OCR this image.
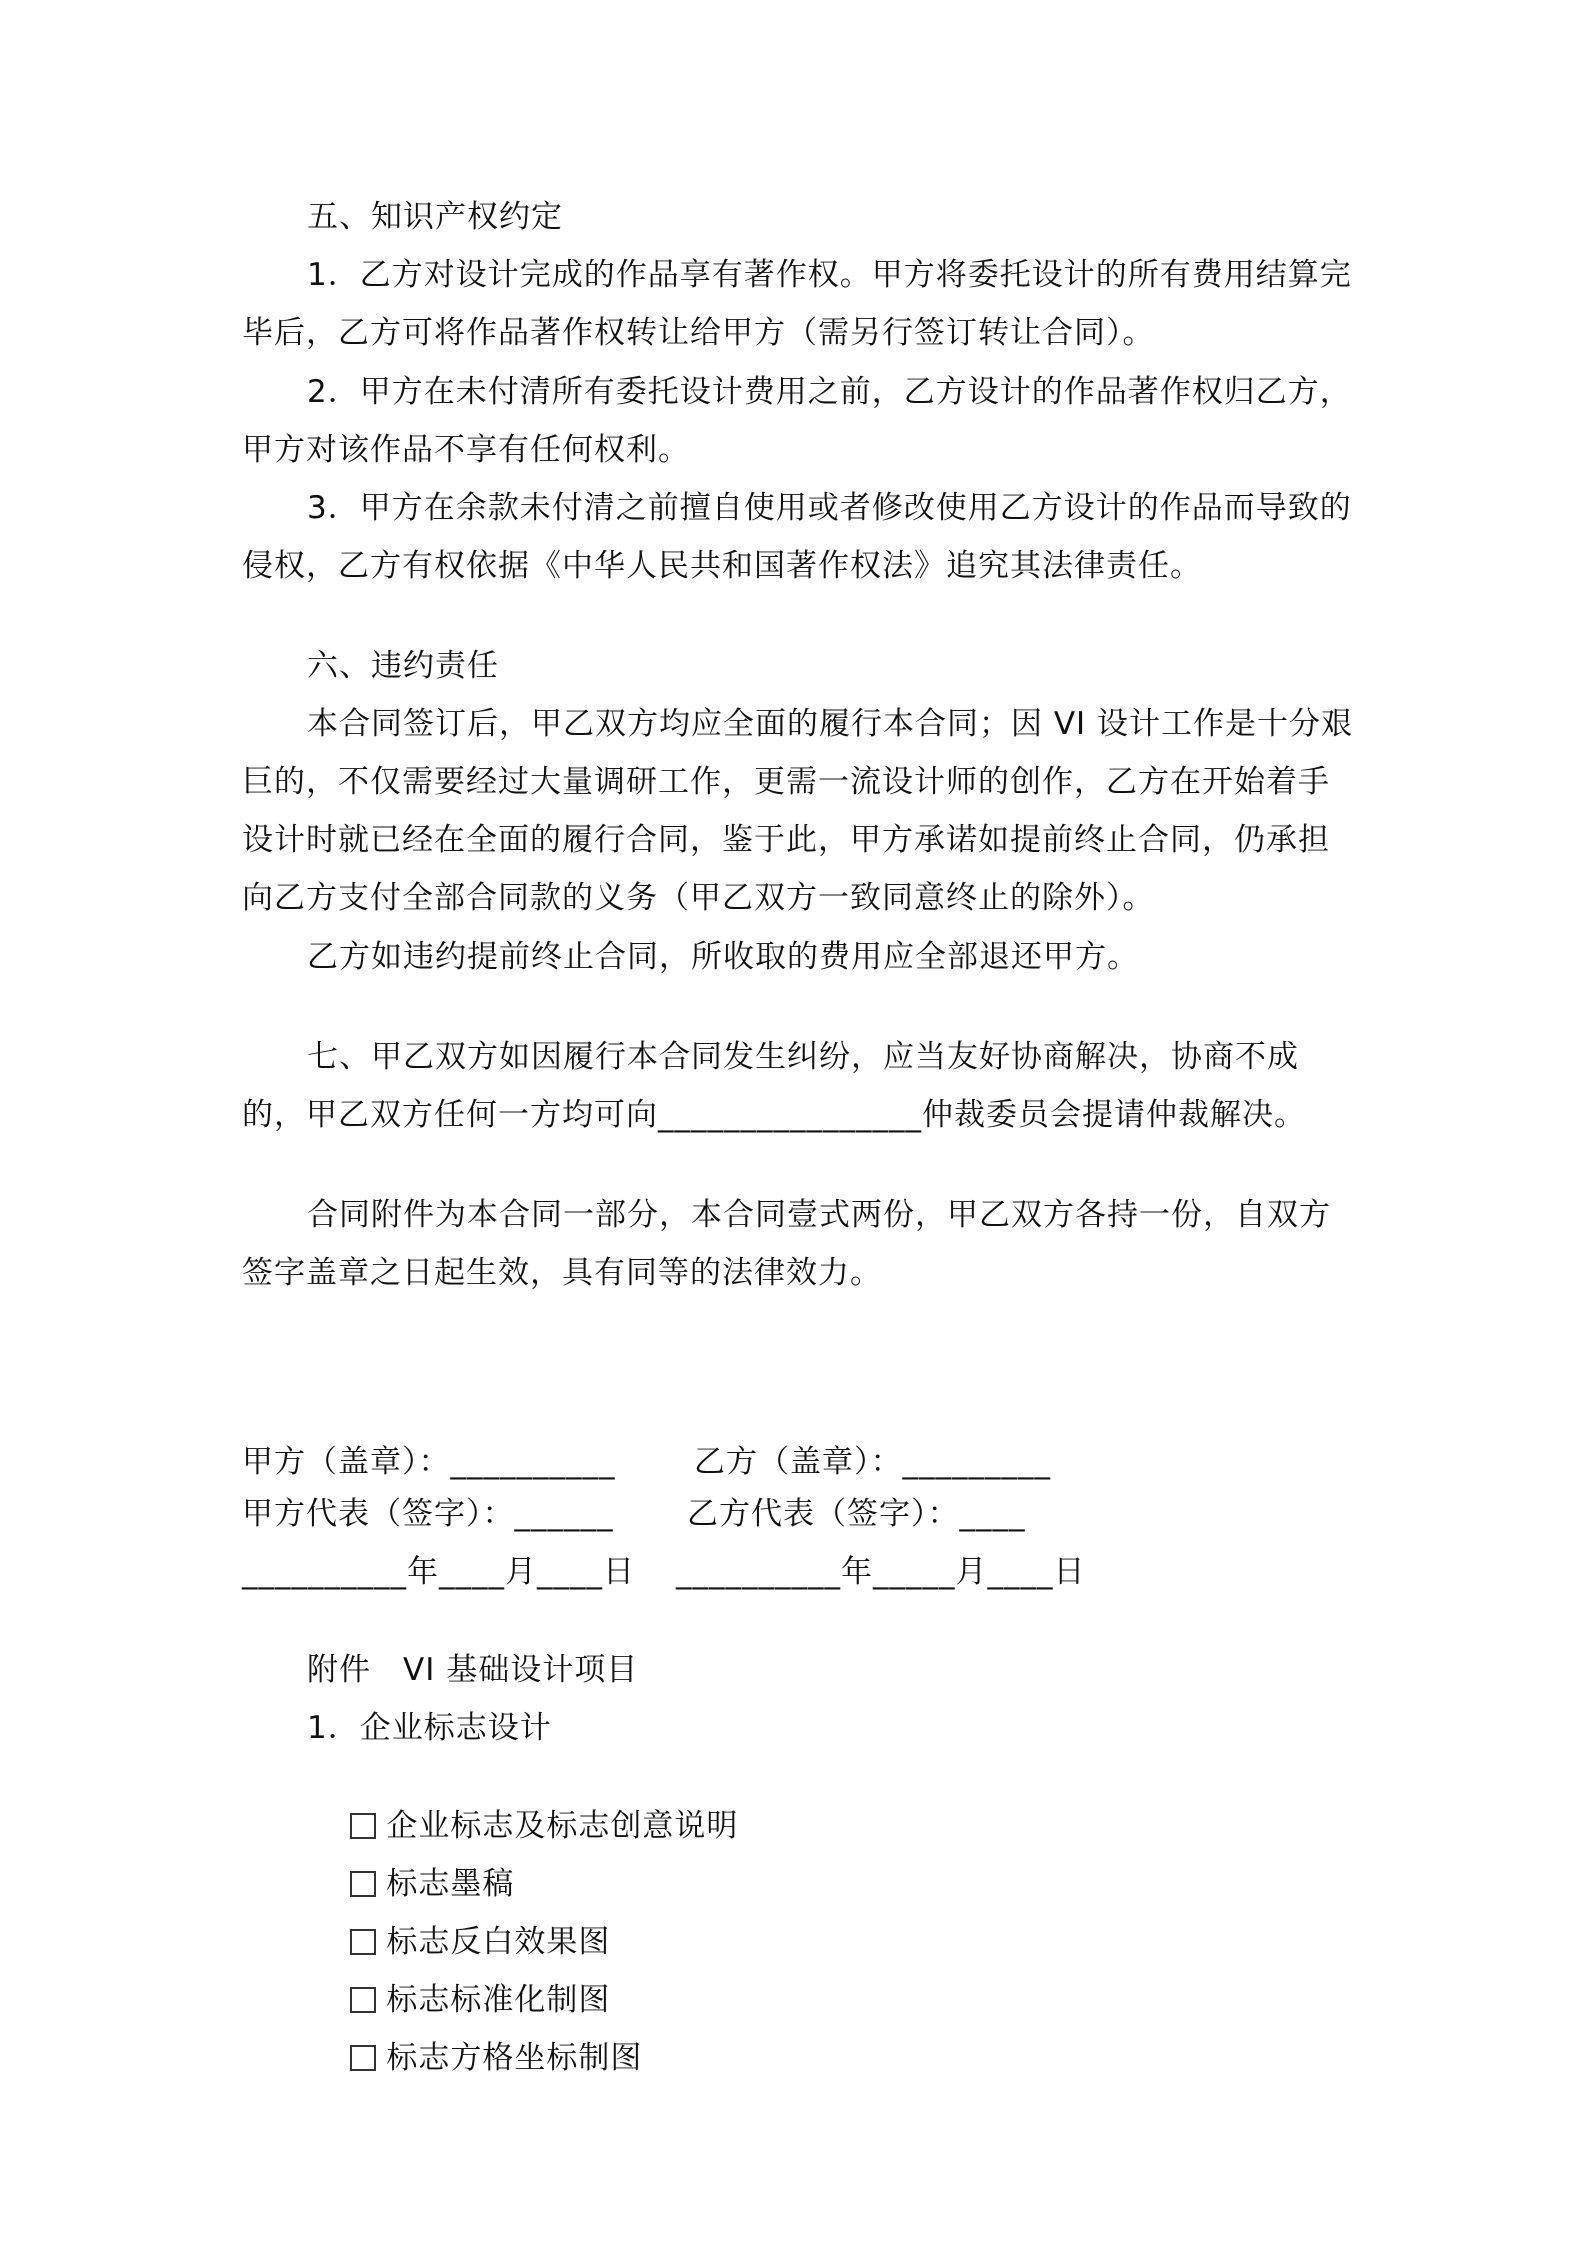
五、知识产权约定
1．乙方对设计完成的作品享有著作权。甲方将委托设计的所有费用结算完
毕后，乙方可将作品著作权转让给甲方（需另行签订转让合同）。
2．甲方在未付清所有委托设计费用之前，乙方设计的作品著作权归乙方，
甲方对该作品不享有任何权利。
3．甲方在余款未付清之前擅自使用或者修改使用乙方设计的作品而导致的
侵权，乙方有权依据《中华人民共和国著作权法》追究其法律责任。
六、违约责任
本合同签订后，甲乙双方均应全面的履行本合同；因 VI 设计工作是十分艰
巨的，不仅需要经过大量调研工作，更需一流设计师的创作，乙方在开始着手
设计时就已经在全面的履行合同，鉴于此，甲方承诺如提前终止合同，仍承担
向乙方支付全部合同款的义务（甲乙双方一致同意终止的除外）。
乙方如违约提前终止合同，所收取的费用应全部退还甲方。
七、甲乙双方如因履行本合同发生纠纷，应当友好协商解决，协商不成
的，甲乙双方任何一方均可向________________仲裁委员会提请仲裁解决。
合同附件为本合同一部分，本合同壹式两份，甲乙双方各持一份，自双方
签字盖章之日起生效，具有同等的法律效力。
甲方（盖章）：__________	乙方（盖章）：_________
甲方代表（签字）：______ 乙方代表（签字）：____
__________年____月____日 __________年_____月____日
附件　VI 基础设计项目
1．企业标志设计

企业标志及标志创意说明

标志墨稿

标志反白效果图

标志标准化制图

标志方格坐标制图
